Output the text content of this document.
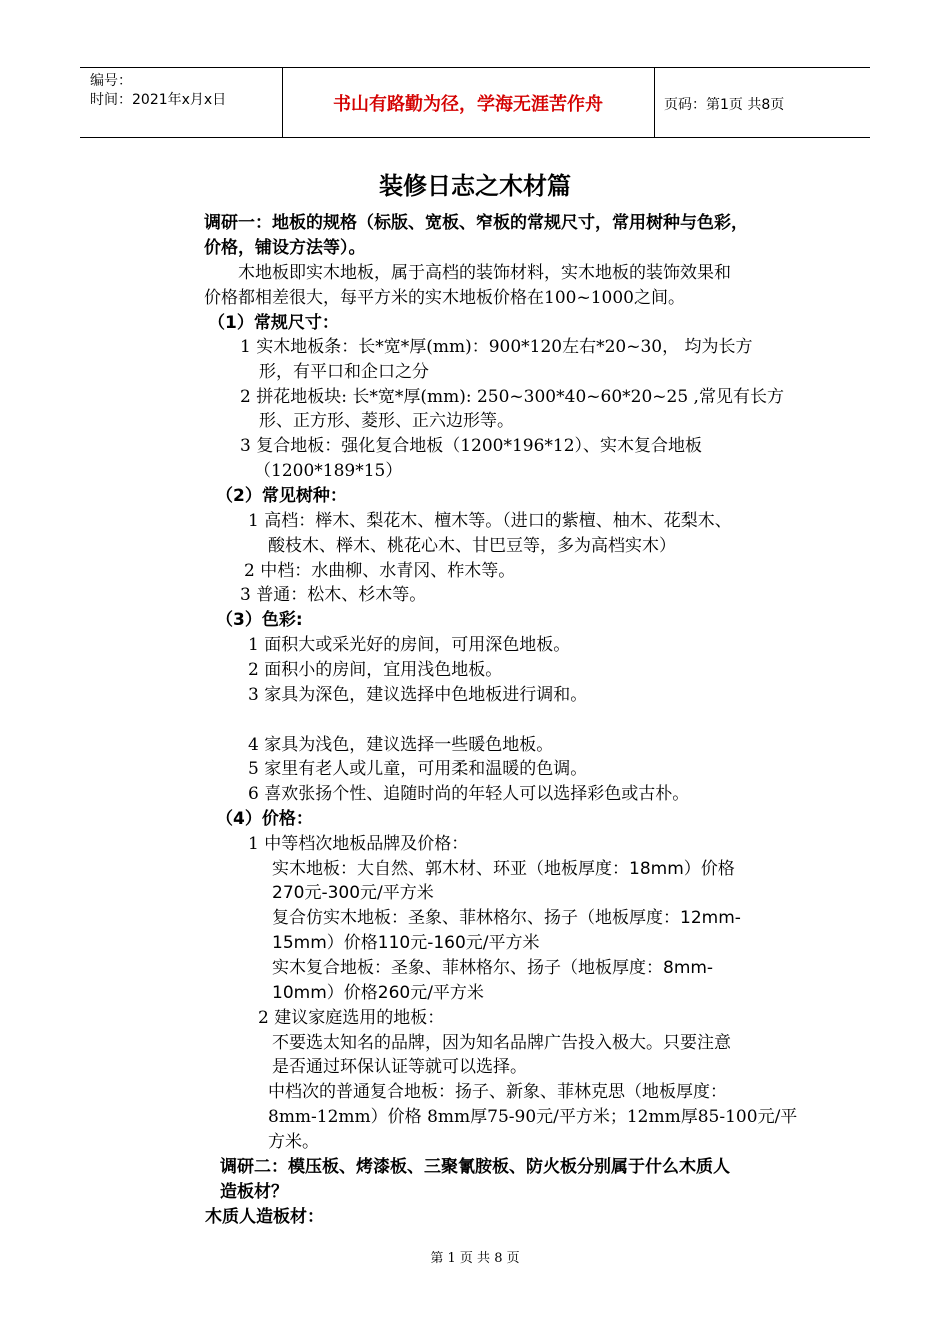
编号：
时间：2021年x月x日	书山有路勤为径，学海无涯苦作舟	页码：第1页 共8页
装修日志之木材篇
调研一：地板的规格（标版、宽板、窄板的常规尺寸，常用树种与色彩，
价格，铺设方法等）。
木地板即实木地板，属于高档的装饰材料，实木地板的装饰效果和
价格都相差很大，每平方米的实木地板价格在100~1000之间。
（1）常规尺寸：
1 实木地板条：长*宽*厚(mm)：900*120左右*20~30， 均为长方
形，有平口和企口之分
2 拼花地板块: 长*宽*厚(mm): 250~300*40~60*20~25 ,常见有长方
形、正方形、菱形、正六边形等。
3 复合地板：强化复合地板（1200*196*12）、实木复合地板
（1200*189*15）
（2）常见树种：
1 高档：榉木、梨花木、檀木等。（进口的紫檀、柚木、花梨木、
酸枝木、榉木、桃花心木、甘巴豆等，多为高档实木）
2 中档：水曲柳、水青冈、柞木等。
3 普通：松木、杉木等。
（3）色彩:
1 面积大或采光好的房间，可用深色地板。
2 面积小的房间，宜用浅色地板。
3 家具为深色，建议选择中色地板进行调和。
4 家具为浅色，建议选择一些暖色地板。
5 家里有老人或儿童，可用柔和温暖的色调。
6 喜欢张扬个性、追随时尚的年轻人可以选择彩色或古朴。
（4）价格：
1 中等档次地板品牌及价格：
实木地板：大自然、郭木材、环亚（地板厚度：18mm）价格
270元-300元/平方米
复合仿实木地板：圣象、菲林格尔、扬子（地板厚度：12mm-
15mm）价格110元-160元/平方米
实木复合地板：圣象、菲林格尔、扬子（地板厚度：8mm-
10mm）价格260元/平方米
2 建议家庭选用的地板：
不要选太知名的品牌，因为知名品牌广告投入极大。只要注意
是否通过环保认证等就可以选择。
中档次的普通复合地板：扬子、新象、菲林克思（地板厚度：
8mm-12mm）价格 8mm厚75-90元/平方米；12mm厚85-100元/平
方米。
调研二：模压板、烤漆板、三聚氰胺板、防火板分别属于什么木质人
造板材？
木质人造板材：
第 1 页 共 8 页
